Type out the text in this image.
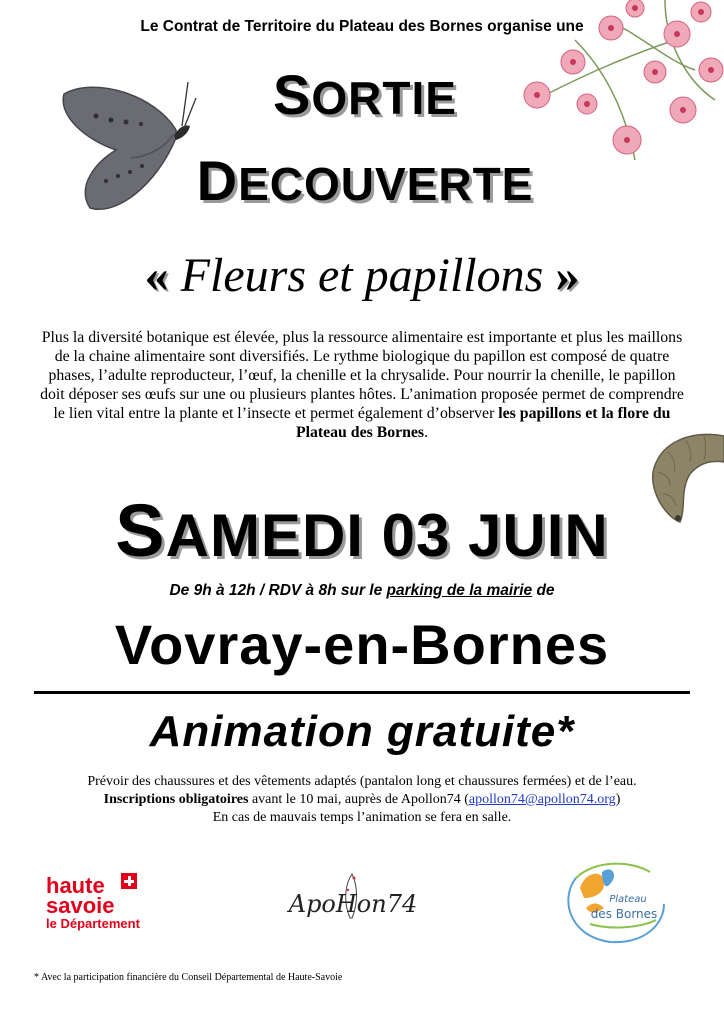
Le Contrat de Territoire du Plateau des Bornes organise une
SORTIE
DECOUVERTE
« Fleurs et papillons »
Plus la diversité botanique est élevée, plus la ressource alimentaire est importante et plus les maillons de la chaine alimentaire sont diversifiés. Le rythme biologique du papillon est composé de quatre phases, l’adulte reproducteur, l’œuf, la chenille et la chrysalide. Pour nourrir la chenille, le papillon doit déposer ses œufs sur une ou plusieurs plantes hôtes. L’animation proposée permet de comprendre le lien vital entre la plante et l’insecte et permet également d’observer les papillons et la flore du Plateau des Bornes.
SAMEDI 03 JUIN
De 9h à 12h / RDV à 8h sur le parking de la mairie de
Vovray-en-Bornes
Animation gratuite*
Prévoir des chaussures et des vêtements adaptés (pantalon long et chaussures fermées) et de l’eau.
Inscriptions obligatoires avant le 10 mai, auprès de Apollon74 (apollon74@apollon74.org)
En cas de mauvais temps l’animation se fera en salle.
haute
savoie
le Département
ApoHon74	Plateau
des Bornes
* Avec la participation financière du Conseil Départemental de Haute-Savoie
